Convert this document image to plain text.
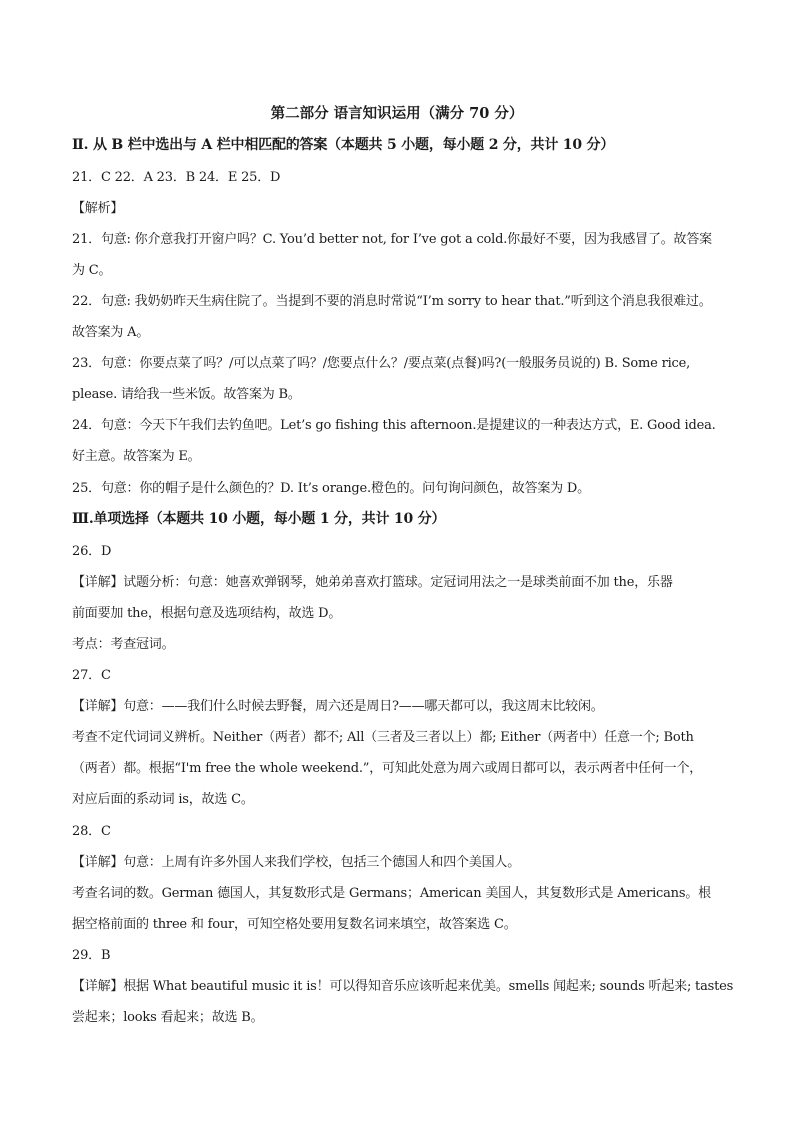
第二部分 语言知识运用（满分 70 分）
Ⅱ. 从 B 栏中选出与 A 栏中相匹配的答案（本题共 5 小题，每小题 2 分，共计 10 分）
21．C 22．A 23．B 24．E 25．D
【解析】
21．句意: 你介意我打开窗户吗？C. You’d better not, for I’ve got a cold.你最好不要，因为我感冒了。故答案
为 C。
22．句意: 我奶奶昨天生病住院了。当提到不要的消息时常说“I’m sorry to hear that.”听到这个消息我很难过。
故答案为 A。
23．句意：你要点菜了吗？/可以点菜了吗？/您要点什么？/要点菜(点餐)吗?(一般服务员说的) B. Some rice,
please. 请给我一些米饭。故答案为 B。
24．句意：今天下午我们去钓鱼吧。Let’s go fishing this afternoon.是提建议的一种表达方式，E. Good idea.
好主意。故答案为 E。
25．句意：你的帽子是什么颜色的？D. It’s orange.橙色的。问句询问颜色，故答案为 D。
Ⅲ.单项选择（本题共 10 小题，每小题 1 分，共计 10 分）
26．D
【详解】试题分析：句意：她喜欢弹钢琴，她弟弟喜欢打篮球。定冠词用法之一是球类前面不加 the，乐器
前面要加 the，根据句意及选项结构，故选 D。
考点：考查冠词。
27．C
【详解】句意：——我们什么时候去野餐，周六还是周日?——哪天都可以，我这周末比较闲。
考查不定代词词义辨析。Neither（两者）都不; All（三者及三者以上）都; Either（两者中）任意一个; Both
（两者）都。根据“I'm free the whole weekend.”，可知此处意为周六或周日都可以，表示两者中任何一个，
对应后面的系动词 is，故选 C。
28．C
【详解】句意：上周有许多外国人来我们学校，包括三个德国人和四个美国人。
考查名词的数。German 德国人，其复数形式是 Germans；American 美国人，其复数形式是 Americans。根
据空格前面的 three 和 four，可知空格处要用复数名词来填空，故答案选 C。
29．B
【详解】根据 What beautiful music it is！可以得知音乐应该听起来优美。smells 闻起来; sounds 听起来; tastes
尝起来；looks 看起来；故选 B。
